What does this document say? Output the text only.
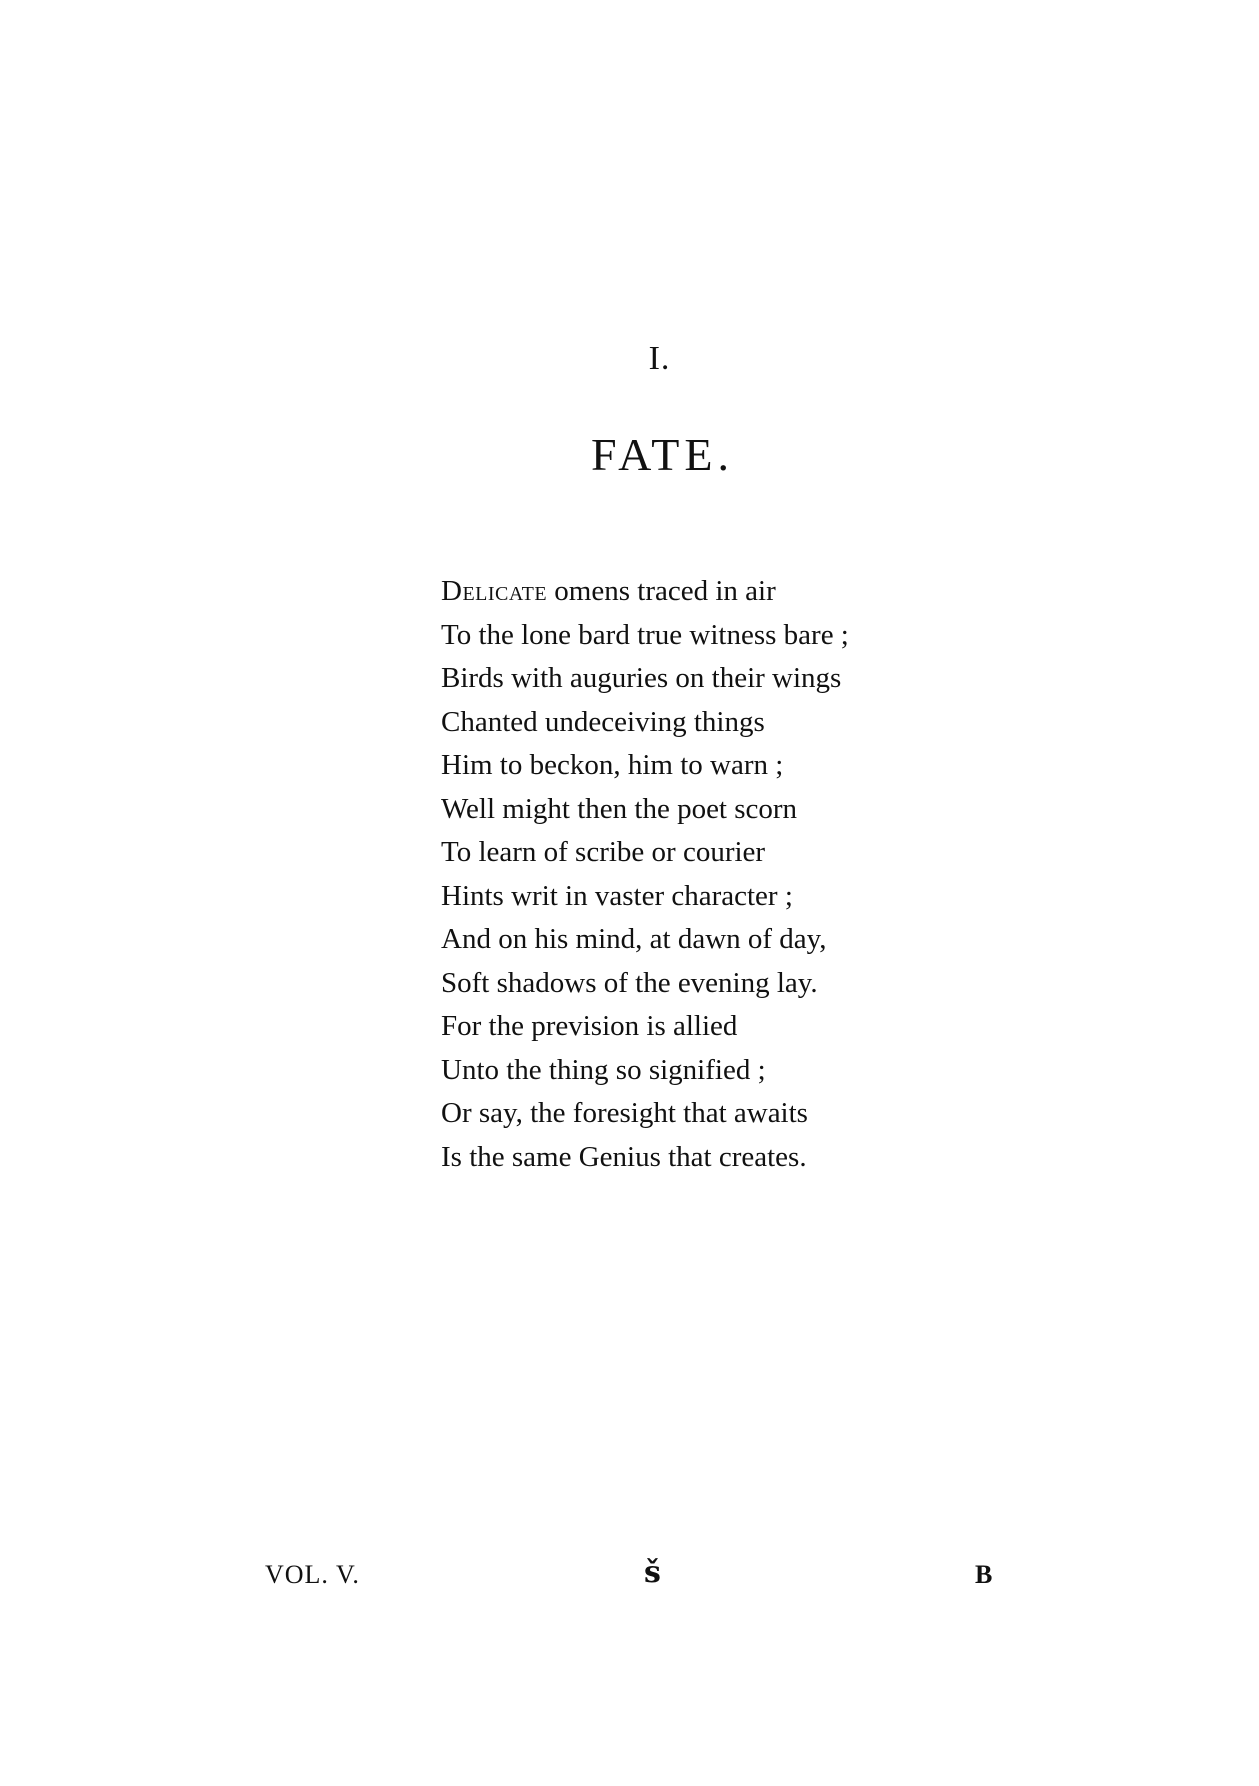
I.
FATE.
Delicate omens traced in air
To the lone bard true witness bare ;
Birds with auguries on their wings
Chanted undeceiving things
Him to beckon, him to warn ;
Well might then the poet scorn
To learn of scribe or courier
Hints writ in vaster character ;
And on his mind, at dawn of day,
Soft shadows of the evening lay.
For the prevision is allied
Unto the thing so signified ;
Or say, the foresight that awaits
Is the same Genius that creates.
VOL. V.	š	B
